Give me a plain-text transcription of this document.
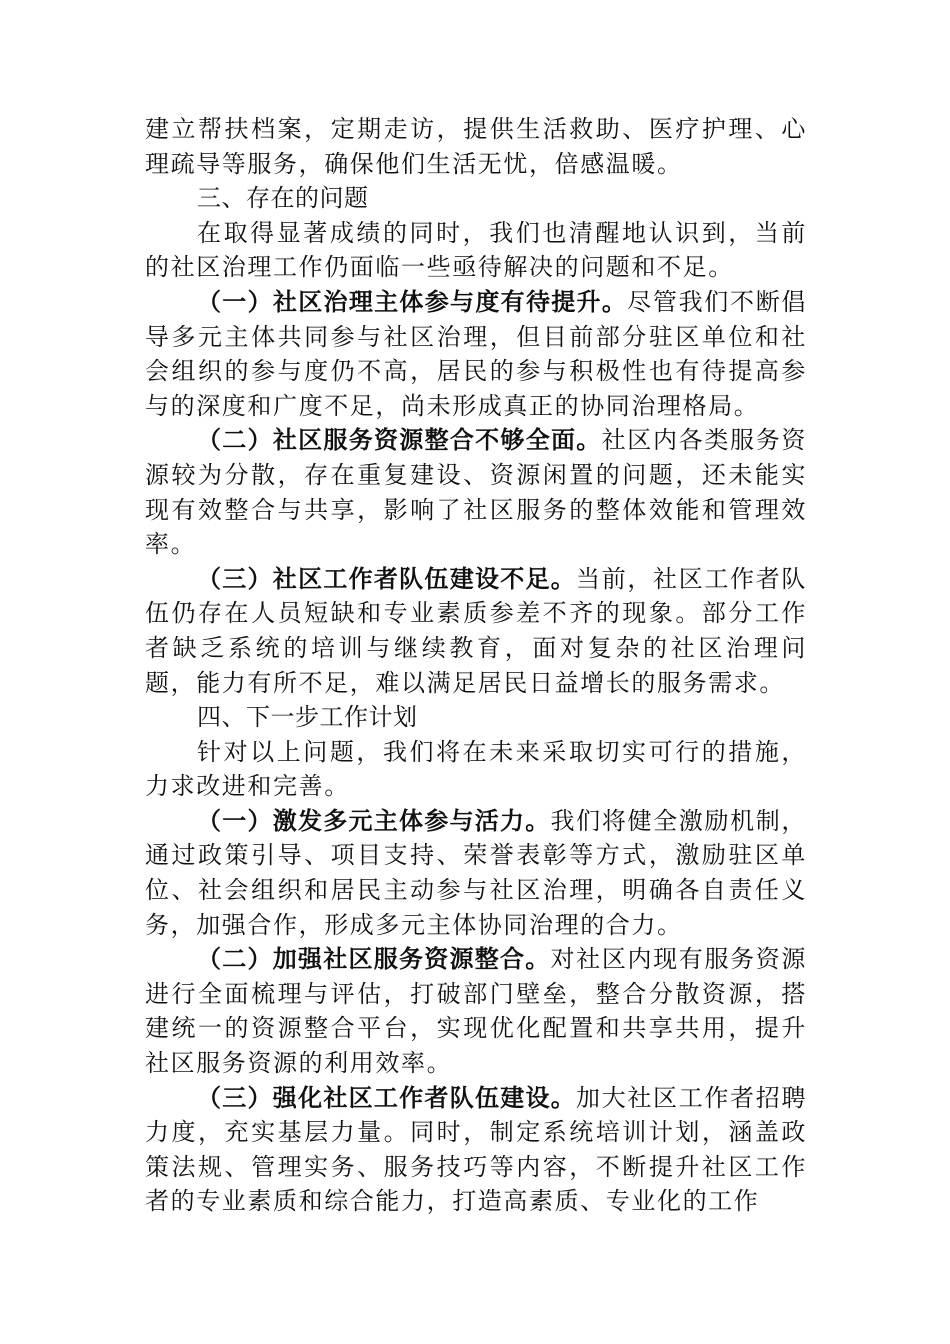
建立帮扶档案，定期走访，提供生活救助、医疗护理、心理疏导等服务，确保他们生活无忧，倍感温暖。

三、存在的问题

在取得显著成绩的同时，我们也清醒地认识到，当前的社区治理工作仍面临一些亟待解决的问题和不足。

（一）社区治理主体参与度有待提升。尽管我们不断倡导多元主体共同参与社区治理，但目前部分驻区单位和社会组织的参与度仍不高，居民的参与积极性也有待提高参与的深度和广度不足，尚未形成真正的协同治理格局。

（二）社区服务资源整合不够全面。社区内各类服务资源较为分散，存在重复建设、资源闲置的问题，还未能实现有效整合与共享，影响了社区服务的整体效能和管理效率。

（三）社区工作者队伍建设不足。当前，社区工作者队伍仍存在人员短缺和专业素质参差不齐的现象。部分工作者缺乏系统的培训与继续教育，面对复杂的社区治理问题，能力有所不足，难以满足居民日益增长的服务需求。

四、下一步工作计划

针对以上问题，我们将在未来采取切实可行的措施，力求改进和完善。

（一）激发多元主体参与活力。我们将健全激励机制，通过政策引导、项目支持、荣誉表彰等方式，激励驻区单位、社会组织和居民主动参与社区治理，明确各自责任义务，加强合作，形成多元主体协同治理的合力。

（二）加强社区服务资源整合。对社区内现有服务资源进行全面梳理与评估，打破部门壁垒，整合分散资源，搭建统一的资源整合平台，实现优化配置和共享共用，提升社区服务资源的利用效率。

（三）强化社区工作者队伍建设。加大社区工作者招聘力度，充实基层力量。同时，制定系统培训计划，涵盖政策法规、管理实务、服务技巧等内容，不断提升社区工作者的专业素质和综合能力，打造高素质、专业化的工作
